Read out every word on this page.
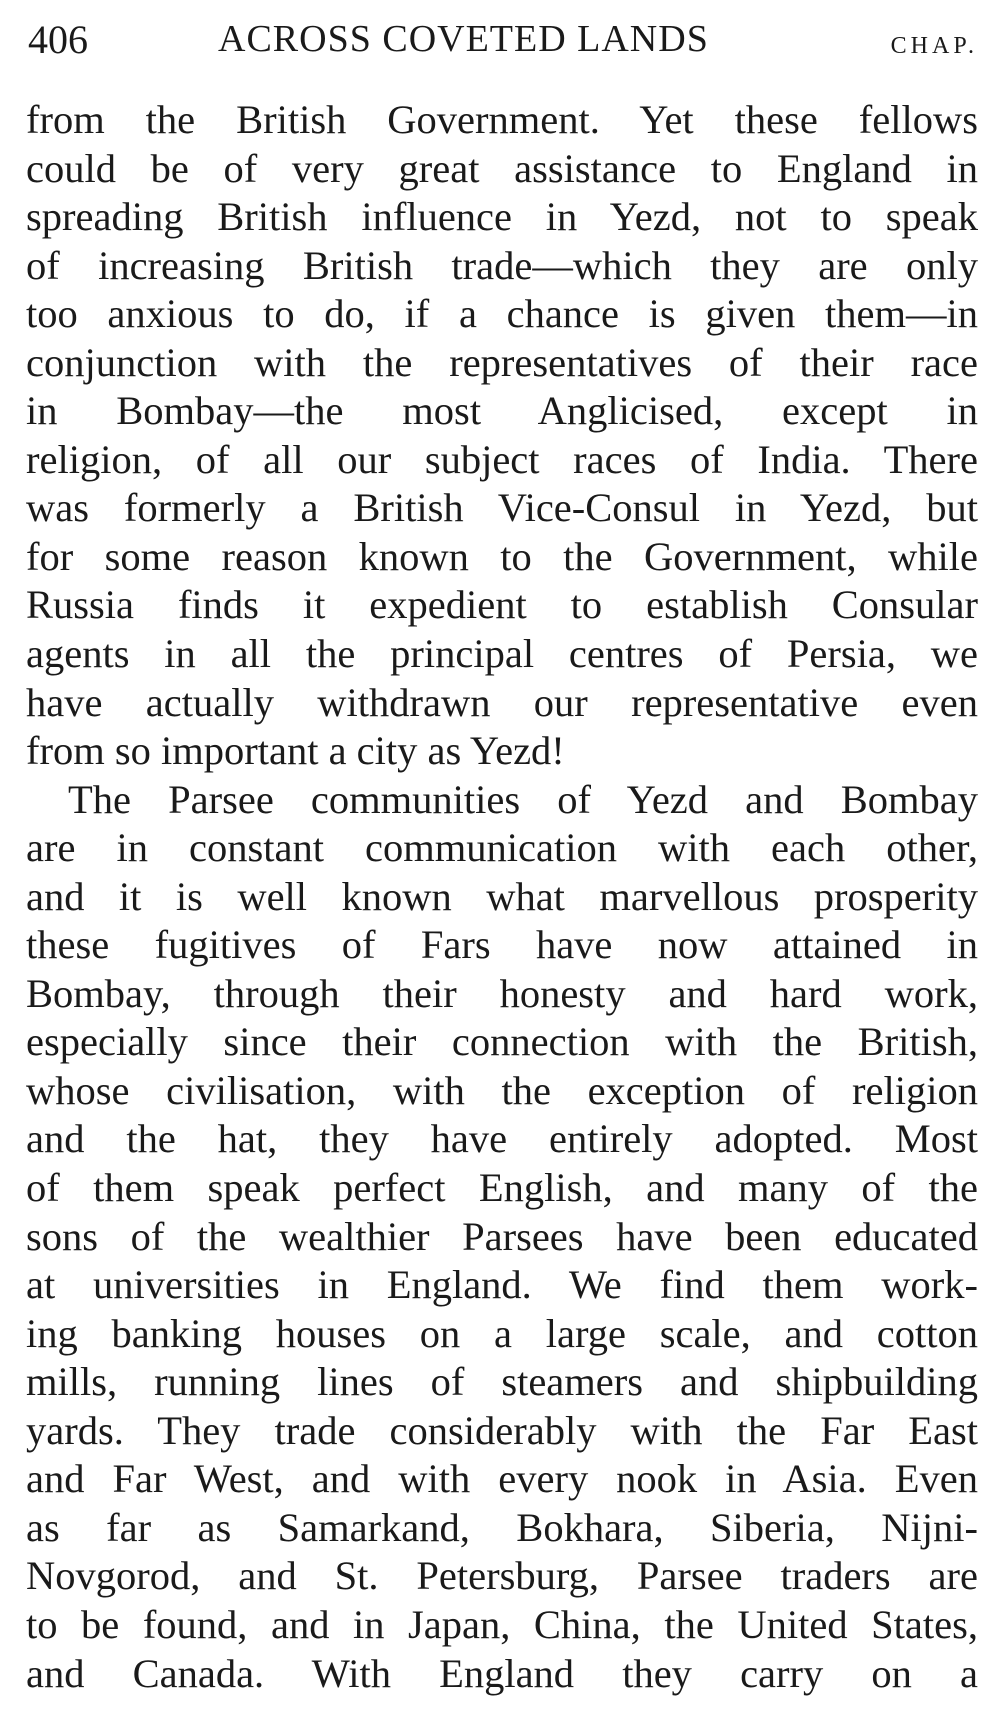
406	ACROSS COVETED LANDS	CHAP.
from the British Government. Yet these fellows
could be of very great assistance to England in
spreading British influence in Yezd, not to speak
of increasing British trade—which they are only
too anxious to do, if a chance is given them—in
conjunction with the representatives of their race
in Bombay—the most Anglicised, except in
religion, of all our subject races of India. There
was formerly a British Vice-Consul in Yezd, but
for some reason known to the Government, while
Russia finds it expedient to establish Consular
agents in all the principal centres of Persia, we
have actually withdrawn our representative even
from so important a city as Yezd!
The Parsee communities of Yezd and Bombay
are in constant communication with each other,
and it is well known what marvellous prosperity
these fugitives of Fars have now attained in
Bombay, through their honesty and hard work,
especially since their connection with the British,
whose civilisation, with the exception of religion
and the hat, they have entirely adopted. Most
of them speak perfect English, and many of the
sons of the wealthier Parsees have been educated
at universities in England. We find them work-
ing banking houses on a large scale, and cotton
mills, running lines of steamers and shipbuilding
yards. They trade considerably with the Far East
and Far West, and with every nook in Asia. Even
as far as Samarkand, Bokhara, Siberia, Nijni-
Novgorod, and St. Petersburg, Parsee traders are
to be found, and in Japan, China, the United States,
and Canada. With England they carry on a
